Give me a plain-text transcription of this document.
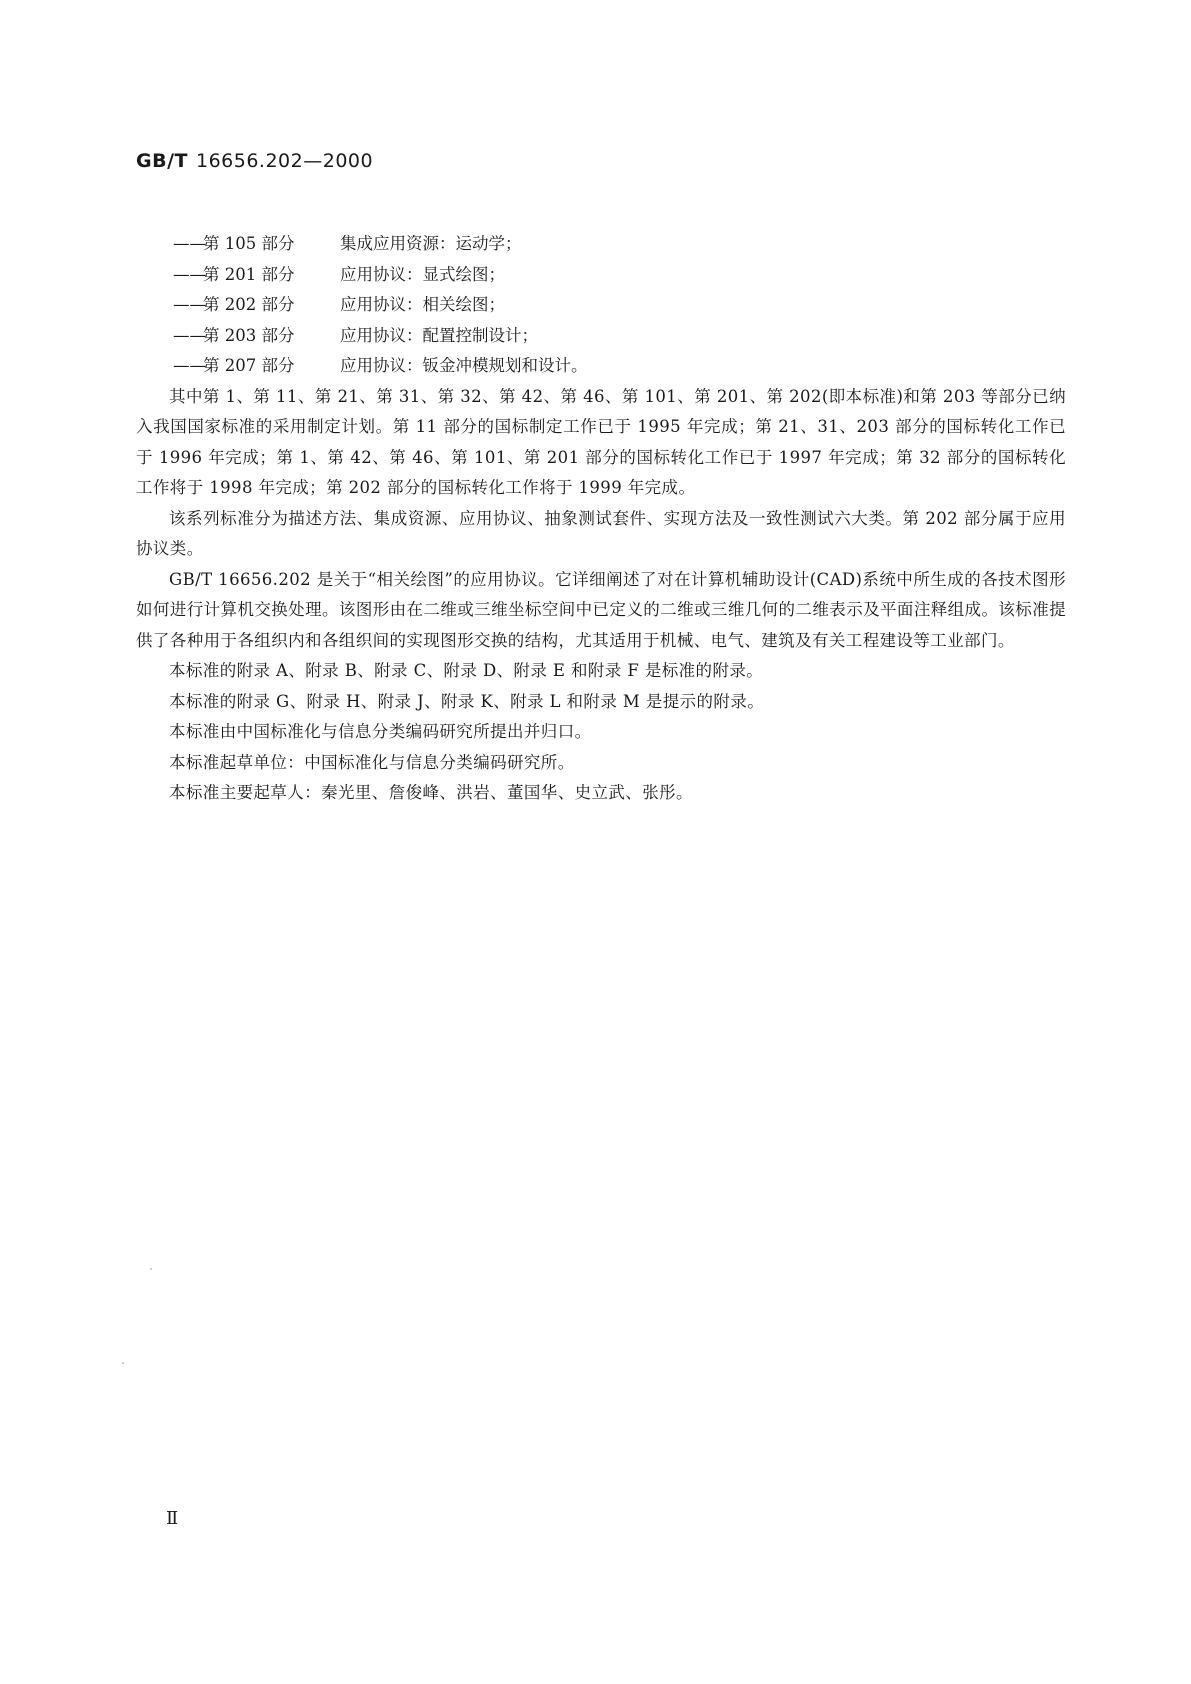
GB/T 16656.202—2000
——第 105 部分	集成应用资源：运动学；
——第 201 部分	应用协议：显式绘图；
——第 202 部分	应用协议：相关绘图；
——第 203 部分	应用协议：配置控制设计；
——第 207 部分	应用协议：钣金冲模规划和设计。

其中第 1、第 11、第 21、第 31、第 32、第 42、第 46、第 101、第 201、第 202(即本标准)和第 203 等部分已纳入我国国家标准的采用制定计划。第 11 部分的国标制定工作已于 1995 年完成；第 21、31、203 部分的国标转化工作已于 1996 年完成；第 1、第 42、第 46、第 101、第 201 部分的国标转化工作已于 1997 年完成；第 32 部分的国标转化工作将于 1998 年完成；第 202 部分的国标转化工作将于 1999 年完成。

该系列标准分为描述方法、集成资源、应用协议、抽象测试套件、实现方法及一致性测试六大类。第 202 部分属于应用协议类。

GB/T 16656.202 是关于“相关绘图”的应用协议。它详细阐述了对在计算机辅助设计(CAD)系统中所生成的各技术图形如何进行计算机交换处理。该图形由在二维或三维坐标空间中已定义的二维或三维几何的二维表示及平面注释组成。该标准提供了各种用于各组织内和各组织间的实现图形交换的结构，尤其适用于机械、电气、建筑及有关工程建设等工业部门。

本标准的附录 A、附录 B、附录 C、附录 D、附录 E 和附录 F 是标准的附录。

本标准的附录 G、附录 H、附录 J、附录 K、附录 L 和附录 M 是提示的附录。

本标准由中国标准化与信息分类编码研究所提出并归口。

本标准起草单位：中国标准化与信息分类编码研究所。

本标准主要起草人：秦光里、詹俊峰、洪岩、董国华、史立武、张彤。

Ⅱ
